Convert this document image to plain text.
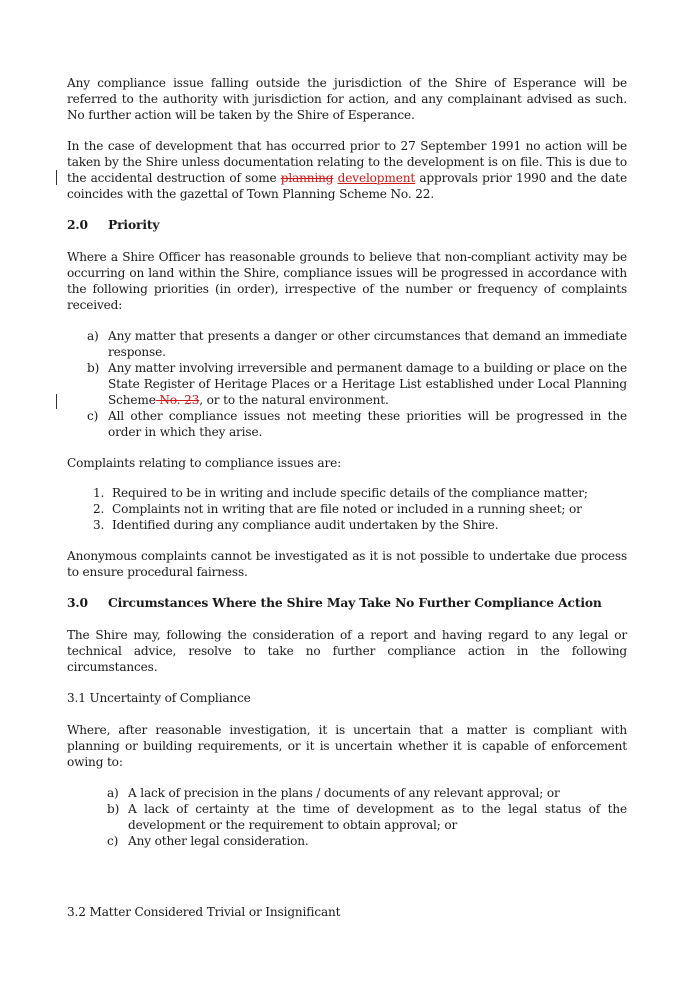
Any compliance issue falling outside the jurisdiction of the Shire of Esperance will be referred to the authority with jurisdiction for action, and any complainant advised as such. No further action will be taken by the Shire of Esperance.

In the case of development that has occurred prior to 27 September 1991 no action will be taken by the Shire unless documentation relating to the development is on file. This is due to the accidental destruction of some planning development approvals prior 1990 and the date coincides with the gazettal of Town Planning Scheme No. 22.

2.0 Priority

Where a Shire Officer has reasonable grounds to believe that non-compliant activity may be occurring on land within the Shire, compliance issues will be progressed in accordance with the following priorities (in order), irrespective of the number or frequency of complaints received:

a) Any matter that presents a danger or other circumstances that demand an immediate response.
b) Any matter involving irreversible and permanent damage to a building or place on the State Register of Heritage Places or a Heritage List established under Local Planning Scheme No. 23, or to the natural environment.
c) All other compliance issues not meeting these priorities will be progressed in the order in which they arise.

Complaints relating to compliance issues are:

1. Required to be in writing and include specific details of the compliance matter;
2. Complaints not in writing that are file noted or included in a running sheet; or
3. Identified during any compliance audit undertaken by the Shire.

Anonymous complaints cannot be investigated as it is not possible to undertake due process to ensure procedural fairness.

3.0 Circumstances Where the Shire May Take No Further Compliance Action

The Shire may, following the consideration of a report and having regard to any legal or technical advice, resolve to take no further compliance action in the following circumstances.

3.1 Uncertainty of Compliance

Where, after reasonable investigation, it is uncertain that a matter is compliant with planning or building requirements, or it is uncertain whether it is capable of enforcement owing to:

a) A lack of precision in the plans / documents of any relevant approval; or
b) A lack of certainty at the time of development as to the legal status of the development or the requirement to obtain approval; or
c) Any other legal consideration.
3.2 Matter Considered Trivial or Insignificant
